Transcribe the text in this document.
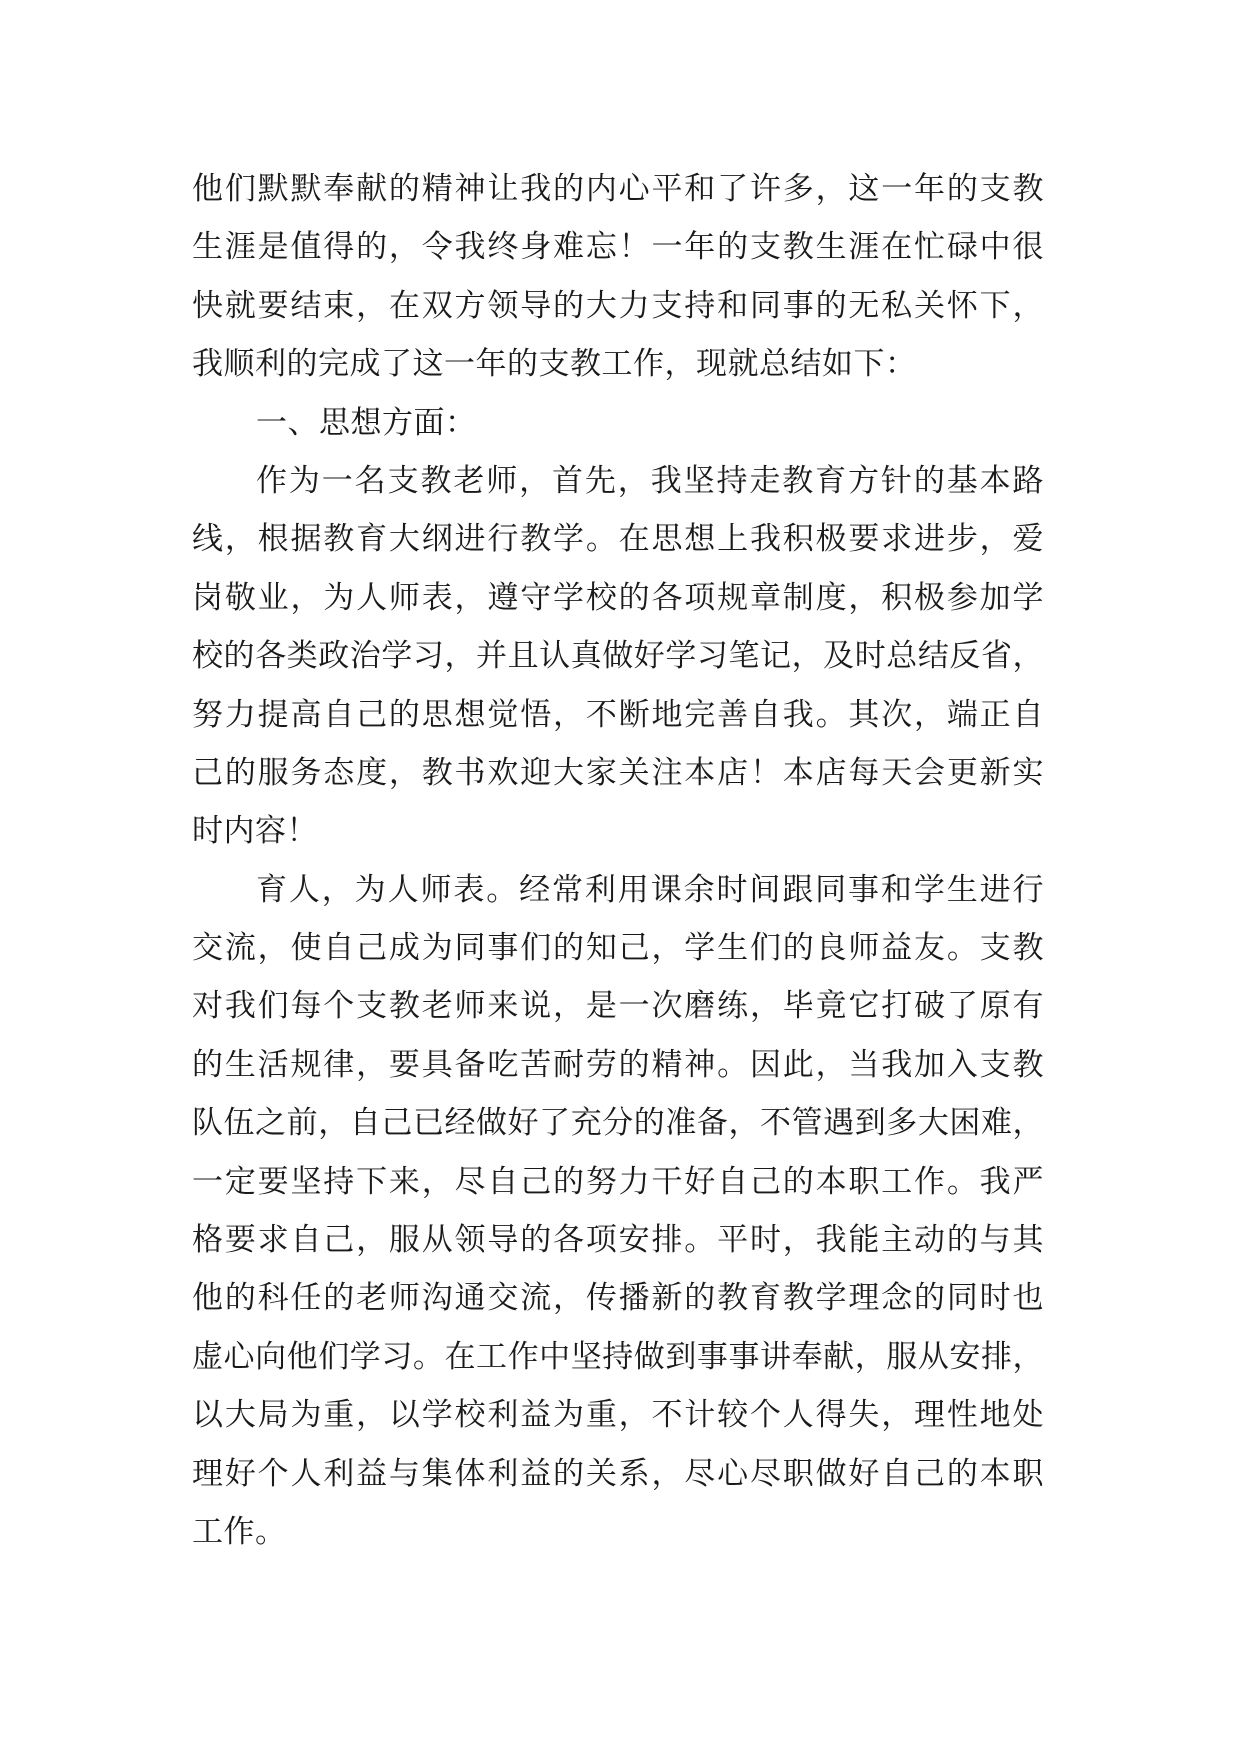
他们默默奉献的精神让我的内心平和了许多，这一年的支教
生涯是值得的，令我终身难忘！一年的支教生涯在忙碌中很
快就要结束，在双方领导的大力支持和同事的无私关怀下，
我顺利的完成了这一年的支教工作，现就总结如下：
一、思想方面：
作为一名支教老师，首先，我坚持走教育方针的基本路
线，根据教育大纲进行教学。在思想上我积极要求进步，爱
岗敬业，为人师表，遵守学校的各项规章制度，积极参加学
校的各类政治学习，并且认真做好学习笔记，及时总结反省，
努力提高自己的思想觉悟，不断地完善自我。其次，端正自
己的服务态度，教书欢迎大家关注本店！本店每天会更新实
时内容！
育人，为人师表。经常利用课余时间跟同事和学生进行
交流，使自己成为同事们的知己，学生们的良师益友。支教
对我们每个支教老师来说，是一次磨练，毕竟它打破了原有
的生活规律，要具备吃苦耐劳的精神。因此，当我加入支教
队伍之前，自己已经做好了充分的准备，不管遇到多大困难，
一定要坚持下来，尽自己的努力干好自己的本职工作。我严
格要求自己，服从领导的各项安排。平时，我能主动的与其
他的科任的老师沟通交流，传播新的教育教学理念的同时也
虚心向他们学习。在工作中坚持做到事事讲奉献，服从安排，
以大局为重，以学校利益为重，不计较个人得失，理性地处
理好个人利益与集体利益的关系，尽心尽职做好自己的本职
工作。
